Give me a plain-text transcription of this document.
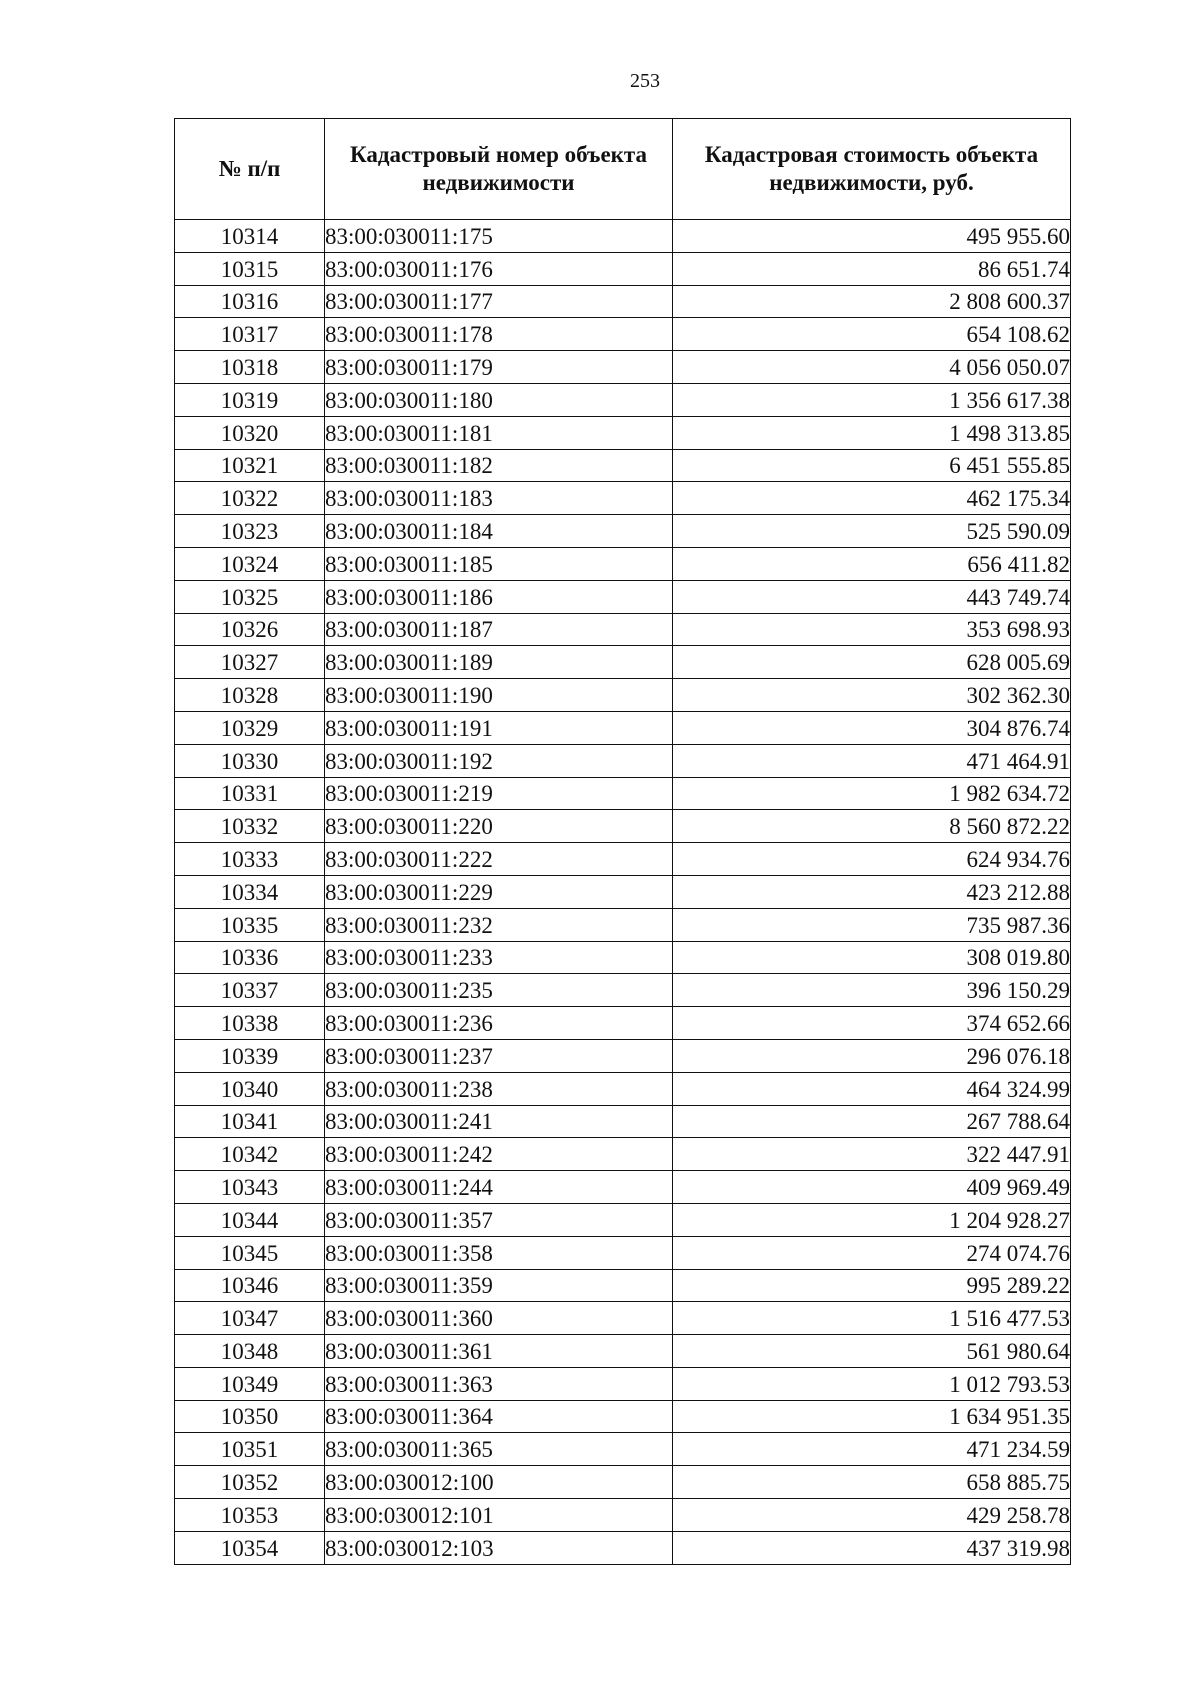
253
№ п/п	Кадастровый номер объекта недвижимости	Кадастровая стоимость объекта недвижимости, руб.
10314	83:00:030011:175	495 955.60
10315	83:00:030011:176	86 651.74
10316	83:00:030011:177	2 808 600.37
10317	83:00:030011:178	654 108.62
10318	83:00:030011:179	4 056 050.07
10319	83:00:030011:180	1 356 617.38
10320	83:00:030011:181	1 498 313.85
10321	83:00:030011:182	6 451 555.85
10322	83:00:030011:183	462 175.34
10323	83:00:030011:184	525 590.09
10324	83:00:030011:185	656 411.82
10325	83:00:030011:186	443 749.74
10326	83:00:030011:187	353 698.93
10327	83:00:030011:189	628 005.69
10328	83:00:030011:190	302 362.30
10329	83:00:030011:191	304 876.74
10330	83:00:030011:192	471 464.91
10331	83:00:030011:219	1 982 634.72
10332	83:00:030011:220	8 560 872.22
10333	83:00:030011:222	624 934.76
10334	83:00:030011:229	423 212.88
10335	83:00:030011:232	735 987.36
10336	83:00:030011:233	308 019.80
10337	83:00:030011:235	396 150.29
10338	83:00:030011:236	374 652.66
10339	83:00:030011:237	296 076.18
10340	83:00:030011:238	464 324.99
10341	83:00:030011:241	267 788.64
10342	83:00:030011:242	322 447.91
10343	83:00:030011:244	409 969.49
10344	83:00:030011:357	1 204 928.27
10345	83:00:030011:358	274 074.76
10346	83:00:030011:359	995 289.22
10347	83:00:030011:360	1 516 477.53
10348	83:00:030011:361	561 980.64
10349	83:00:030011:363	1 012 793.53
10350	83:00:030011:364	1 634 951.35
10351	83:00:030011:365	471 234.59
10352	83:00:030012:100	658 885.75
10353	83:00:030012:101	429 258.78
10354	83:00:030012:103	437 319.98
